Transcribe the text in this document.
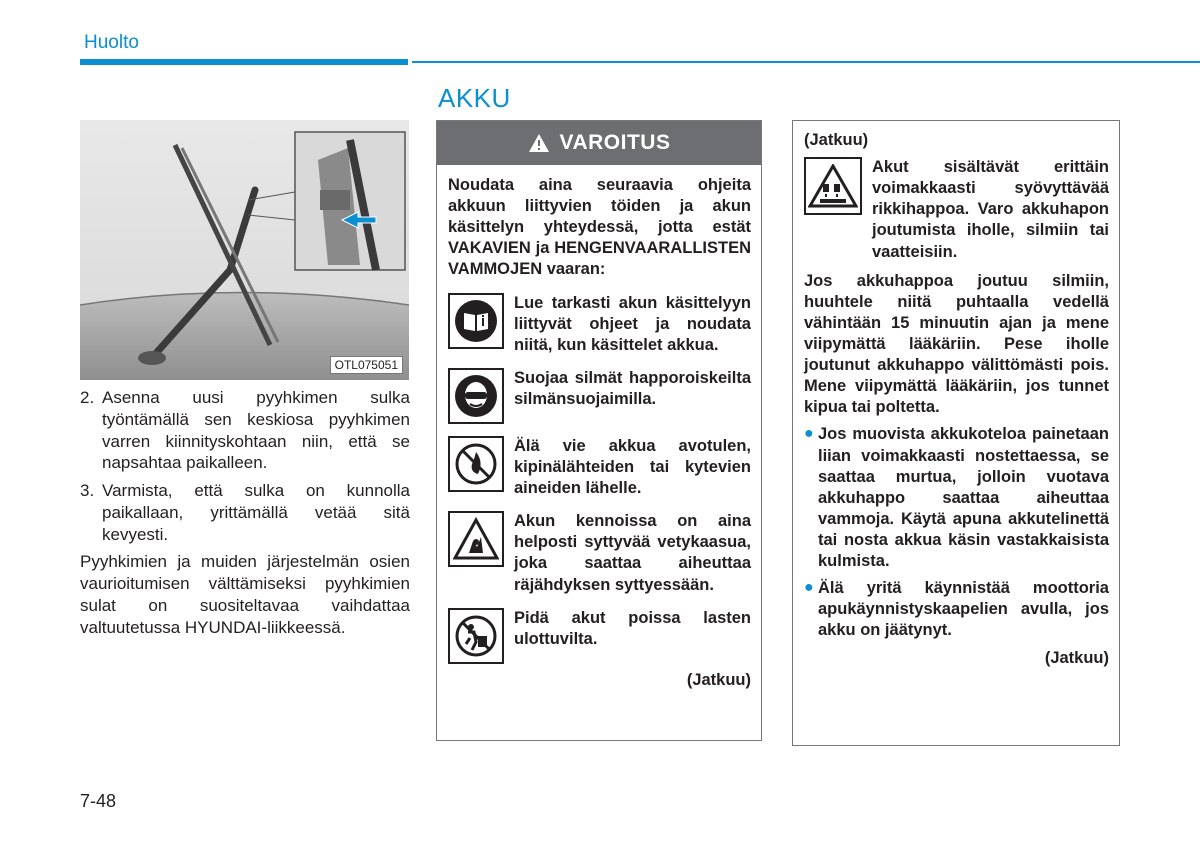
Huolto
AKKU
OTL075051
2. Asenna uusi pyyhkimen sulka työntämällä sen keskiosa pyyhkimen varren kiinnityskohtaan niin, että se napsahtaa paikalleen.
3. Varmista, että sulka on kunnolla paikallaan, yrittämällä vetää sitä kevyesti.
Pyyhkimien ja muiden järjestelmän osien vaurioitumisen välttämiseksi pyyhkimien sulat on suositeltavaa vaihdattaa valtuutetussa HYUNDAI-liikkeessä.
VAROITUS
Noudata aina seuraavia ohjeita akkuun liittyvien töiden ja akun käsittelyn yhteydessä, jotta estät VAKAVIEN ja HENGENVAARALLISTEN VAMMOJEN vaaran:
Lue tarkasti akun käsittelyyn liittyvät ohjeet ja noudata niitä, kun käsittelet akkua.
Suojaa silmät happoroiskeilta silmänsuojaimilla.
Älä vie akkua avotulen, kipinälähteiden tai kytevien aineiden lähelle.
Akun kennoissa on aina helposti syttyvää vetykaasua, joka saattaa aiheuttaa räjähdyksen syttyessään.
Pidä akut poissa lasten ulottuvilta.
(Jatkuu)
(Jatkuu)
Akut sisältävät erittäin voimakkaasti syövyttävää rikkihappoa. Varo akkuhapon joutumista iholle, silmiin tai vaatteisiin.
Jos akkuhappoa joutuu silmiin, huuhtele niitä puhtaalla vedellä vähintään 15 minuutin ajan ja mene viipymättä lääkäriin. Pese iholle joutunut akkuhappo välittömästi pois. Mene viipymättä lääkäriin, jos tunnet kipua tai poltetta.
● Jos muovista akkukoteloa painetaan liian voimakkaasti nostettaessa, se saattaa murtua, jolloin vuotava akkuhappo saattaa aiheuttaa vammoja. Käytä apuna akkutelinettä tai nosta akkua käsin vastakkaisista kulmista.
● Älä yritä käynnistää moottoria apukäynnistyskaapelien avulla, jos akku on jäätynyt.
(Jatkuu)
7-48
